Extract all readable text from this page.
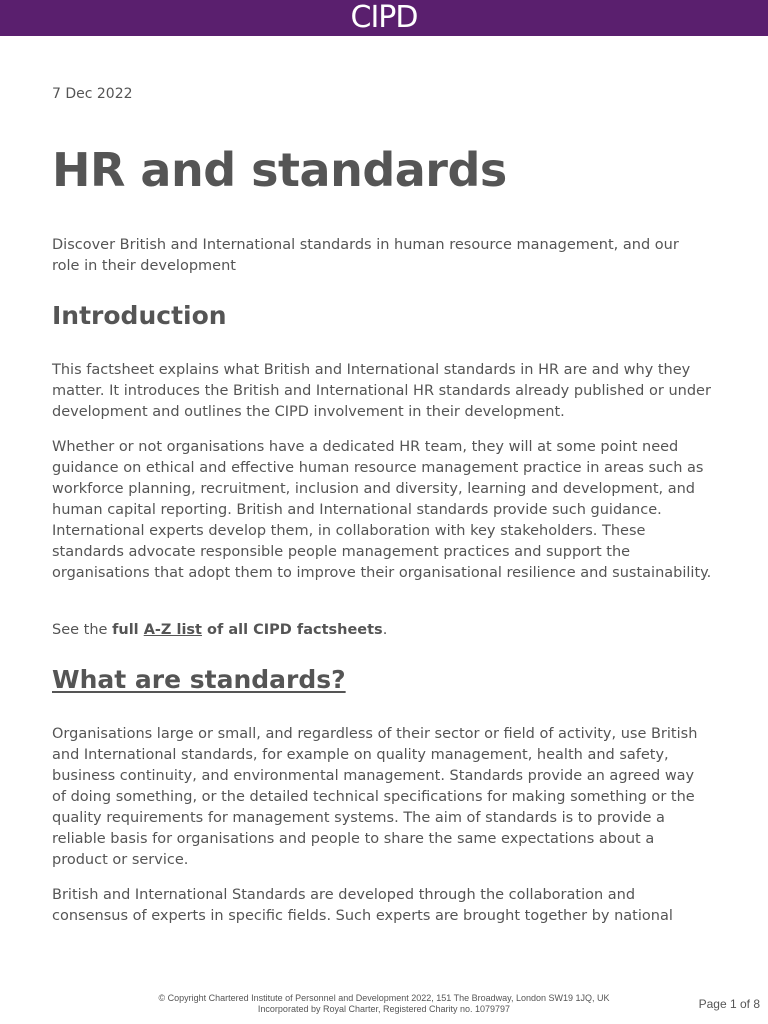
CIPD
7 Dec 2022
HR and standards

Discover British and International standards in human resource management, and our role in their development

Introduction

This factsheet explains what British and International standards in HR are and why they matter. It introduces the British and International HR standards already published or under development and outlines the CIPD involvement in their development.

Whether or not organisations have a dedicated HR team, they will at some point need guidance on ethical and effective human resource management practice in areas such as workforce planning, recruitment, inclusion and diversity, learning and development, and human capital reporting. British and International standards provide such guidance. International experts develop them, in collaboration with key stakeholders. These standards advocate responsible people management practices and support the organisations that adopt them to improve their organisational resilience and sustainability.

See the full A-Z list of all CIPD factsheets.

What are standards?

Organisations large or small, and regardless of their sector or field of activity, use British and International standards, for example on quality management, health and safety, business continuity, and environmental management. Standards provide an agreed way of doing something, or the detailed technical specifications for making something or the quality requirements for management systems. The aim of standards is to provide a reliable basis for organisations and people to share the same expectations about a product or service.

British and International Standards are developed through the collaboration and consensus of experts in specific fields. Such experts are brought together by national

© Copyright Chartered Institute of Personnel and Development 2022, 151 The Broadway, London SW19 1JQ, UK
Incorporated by Royal Charter, Registered Charity no. 1079797	Page 1 of 8
